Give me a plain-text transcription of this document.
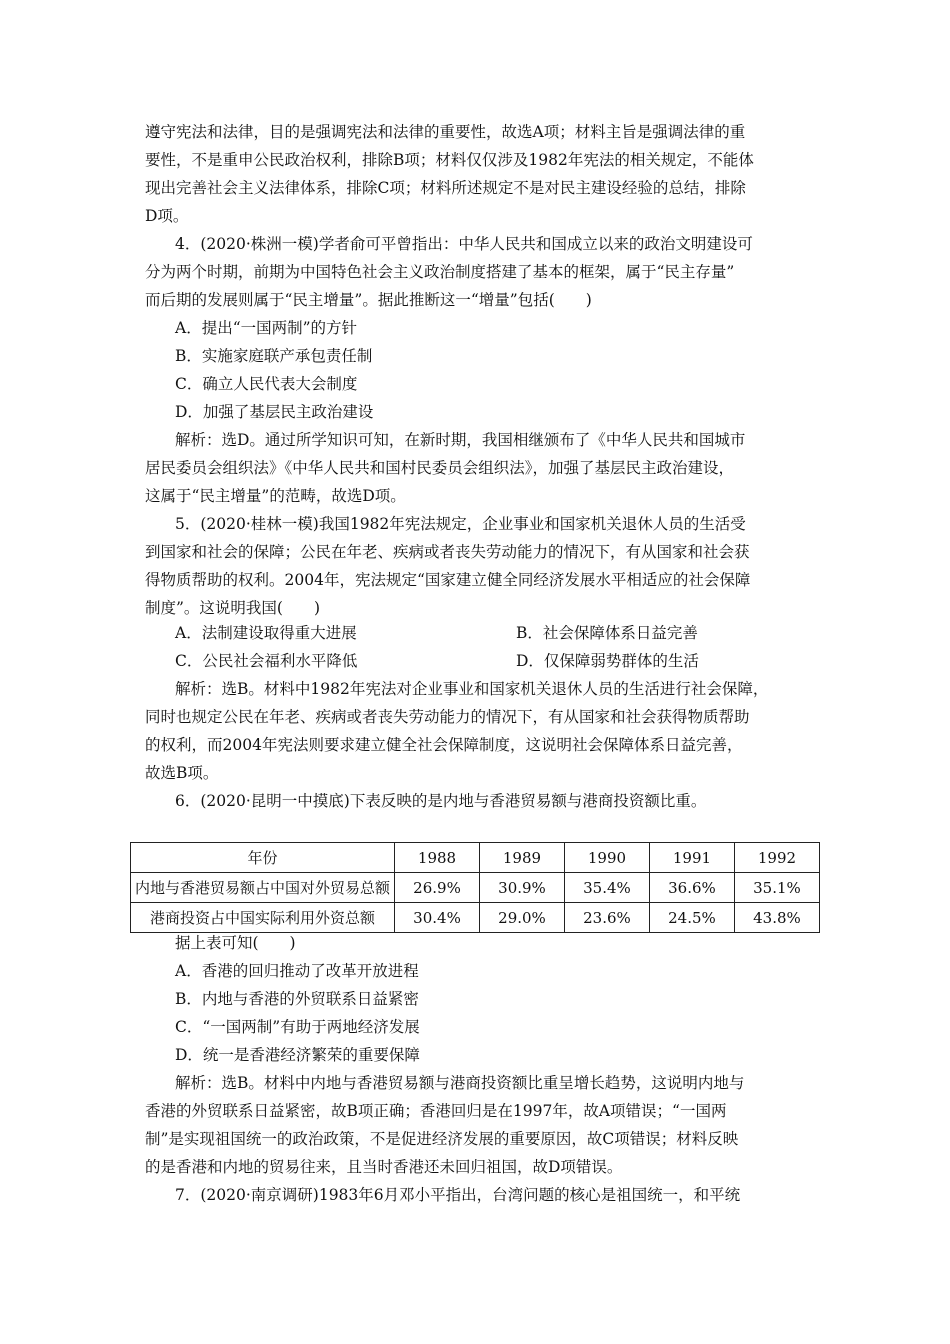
遵守宪法和法律，目的是强调宪法和法律的重要性，故选A项；材料主旨是强调法律的重
要性，不是重申公民政治权利，排除B项；材料仅仅涉及1982年宪法的相关规定，不能体
现出完善社会主义法律体系，排除C项；材料所述规定不是对民主建设经验的总结，排除
D项。
4．(2020·株洲一模)学者俞可平曾指出：中华人民共和国成立以来的政治文明建设可
分为两个时期，前期为中国特色社会主义政治制度搭建了基本的框架，属于“民主存量”
而后期的发展则属于“民主增量”。据此推断这一“增量”包括(　　)
A．提出“一国两制”的方针
B．实施家庭联产承包责任制
C．确立人民代表大会制度
D．加强了基层民主政治建设
解析：选D。通过所学知识可知，在新时期，我国相继颁布了《中华人民共和国城市
居民委员会组织法》《中华人民共和国村民委员会组织法》，加强了基层民主政治建设，
这属于“民主增量”的范畴，故选D项。
5．(2020·桂林一模)我国1982年宪法规定，企业事业和国家机关退休人员的生活受
到国家和社会的保障；公民在年老、疾病或者丧失劳动能力的情况下，有从国家和社会获
得物质帮助的权利。2004年，宪法规定“国家建立健全同经济发展水平相适应的社会保障
制度”。这说明我国(　　)
A．法制建设取得重大进展	B．社会保障体系日益完善
C．公民社会福利水平降低	D．仅保障弱势群体的生活
解析：选B。材料中1982年宪法对企业事业和国家机关退休人员的生活进行社会保障，
同时也规定公民在年老、疾病或者丧失劳动能力的情况下，有从国家和社会获得物质帮助
的权利，而2004年宪法则要求建立健全社会保障制度，这说明社会保障体系日益完善，
故选B项。
6．(2020·昆明一中摸底)下表反映的是内地与香港贸易额与港商投资额比重。
年份	1988	1989	1990	1991	1992
内地与香港贸易额占中国对外贸易总额	26.9%	30.9%	35.4%	36.6%	35.1%
港商投资占中国实际利用外资总额	30.4%	29.0%	23.6%	24.5%	43.8%
据上表可知(　　)
A．香港的回归推动了改革开放进程
B．内地与香港的外贸联系日益紧密
C．“一国两制”有助于两地经济发展
D．统一是香港经济繁荣的重要保障
解析：选B。材料中内地与香港贸易额与港商投资额比重呈增长趋势，这说明内地与
香港的外贸联系日益紧密，故B项正确；香港回归是在1997年，故A项错误；“一国两
制”是实现祖国统一的政治政策，不是促进经济发展的重要原因，故C项错误；材料反映
的是香港和内地的贸易往来，且当时香港还未回归祖国，故D项错误。
7．(2020·南京调研)1983年6月邓小平指出，台湾问题的核心是祖国统一，和平统
